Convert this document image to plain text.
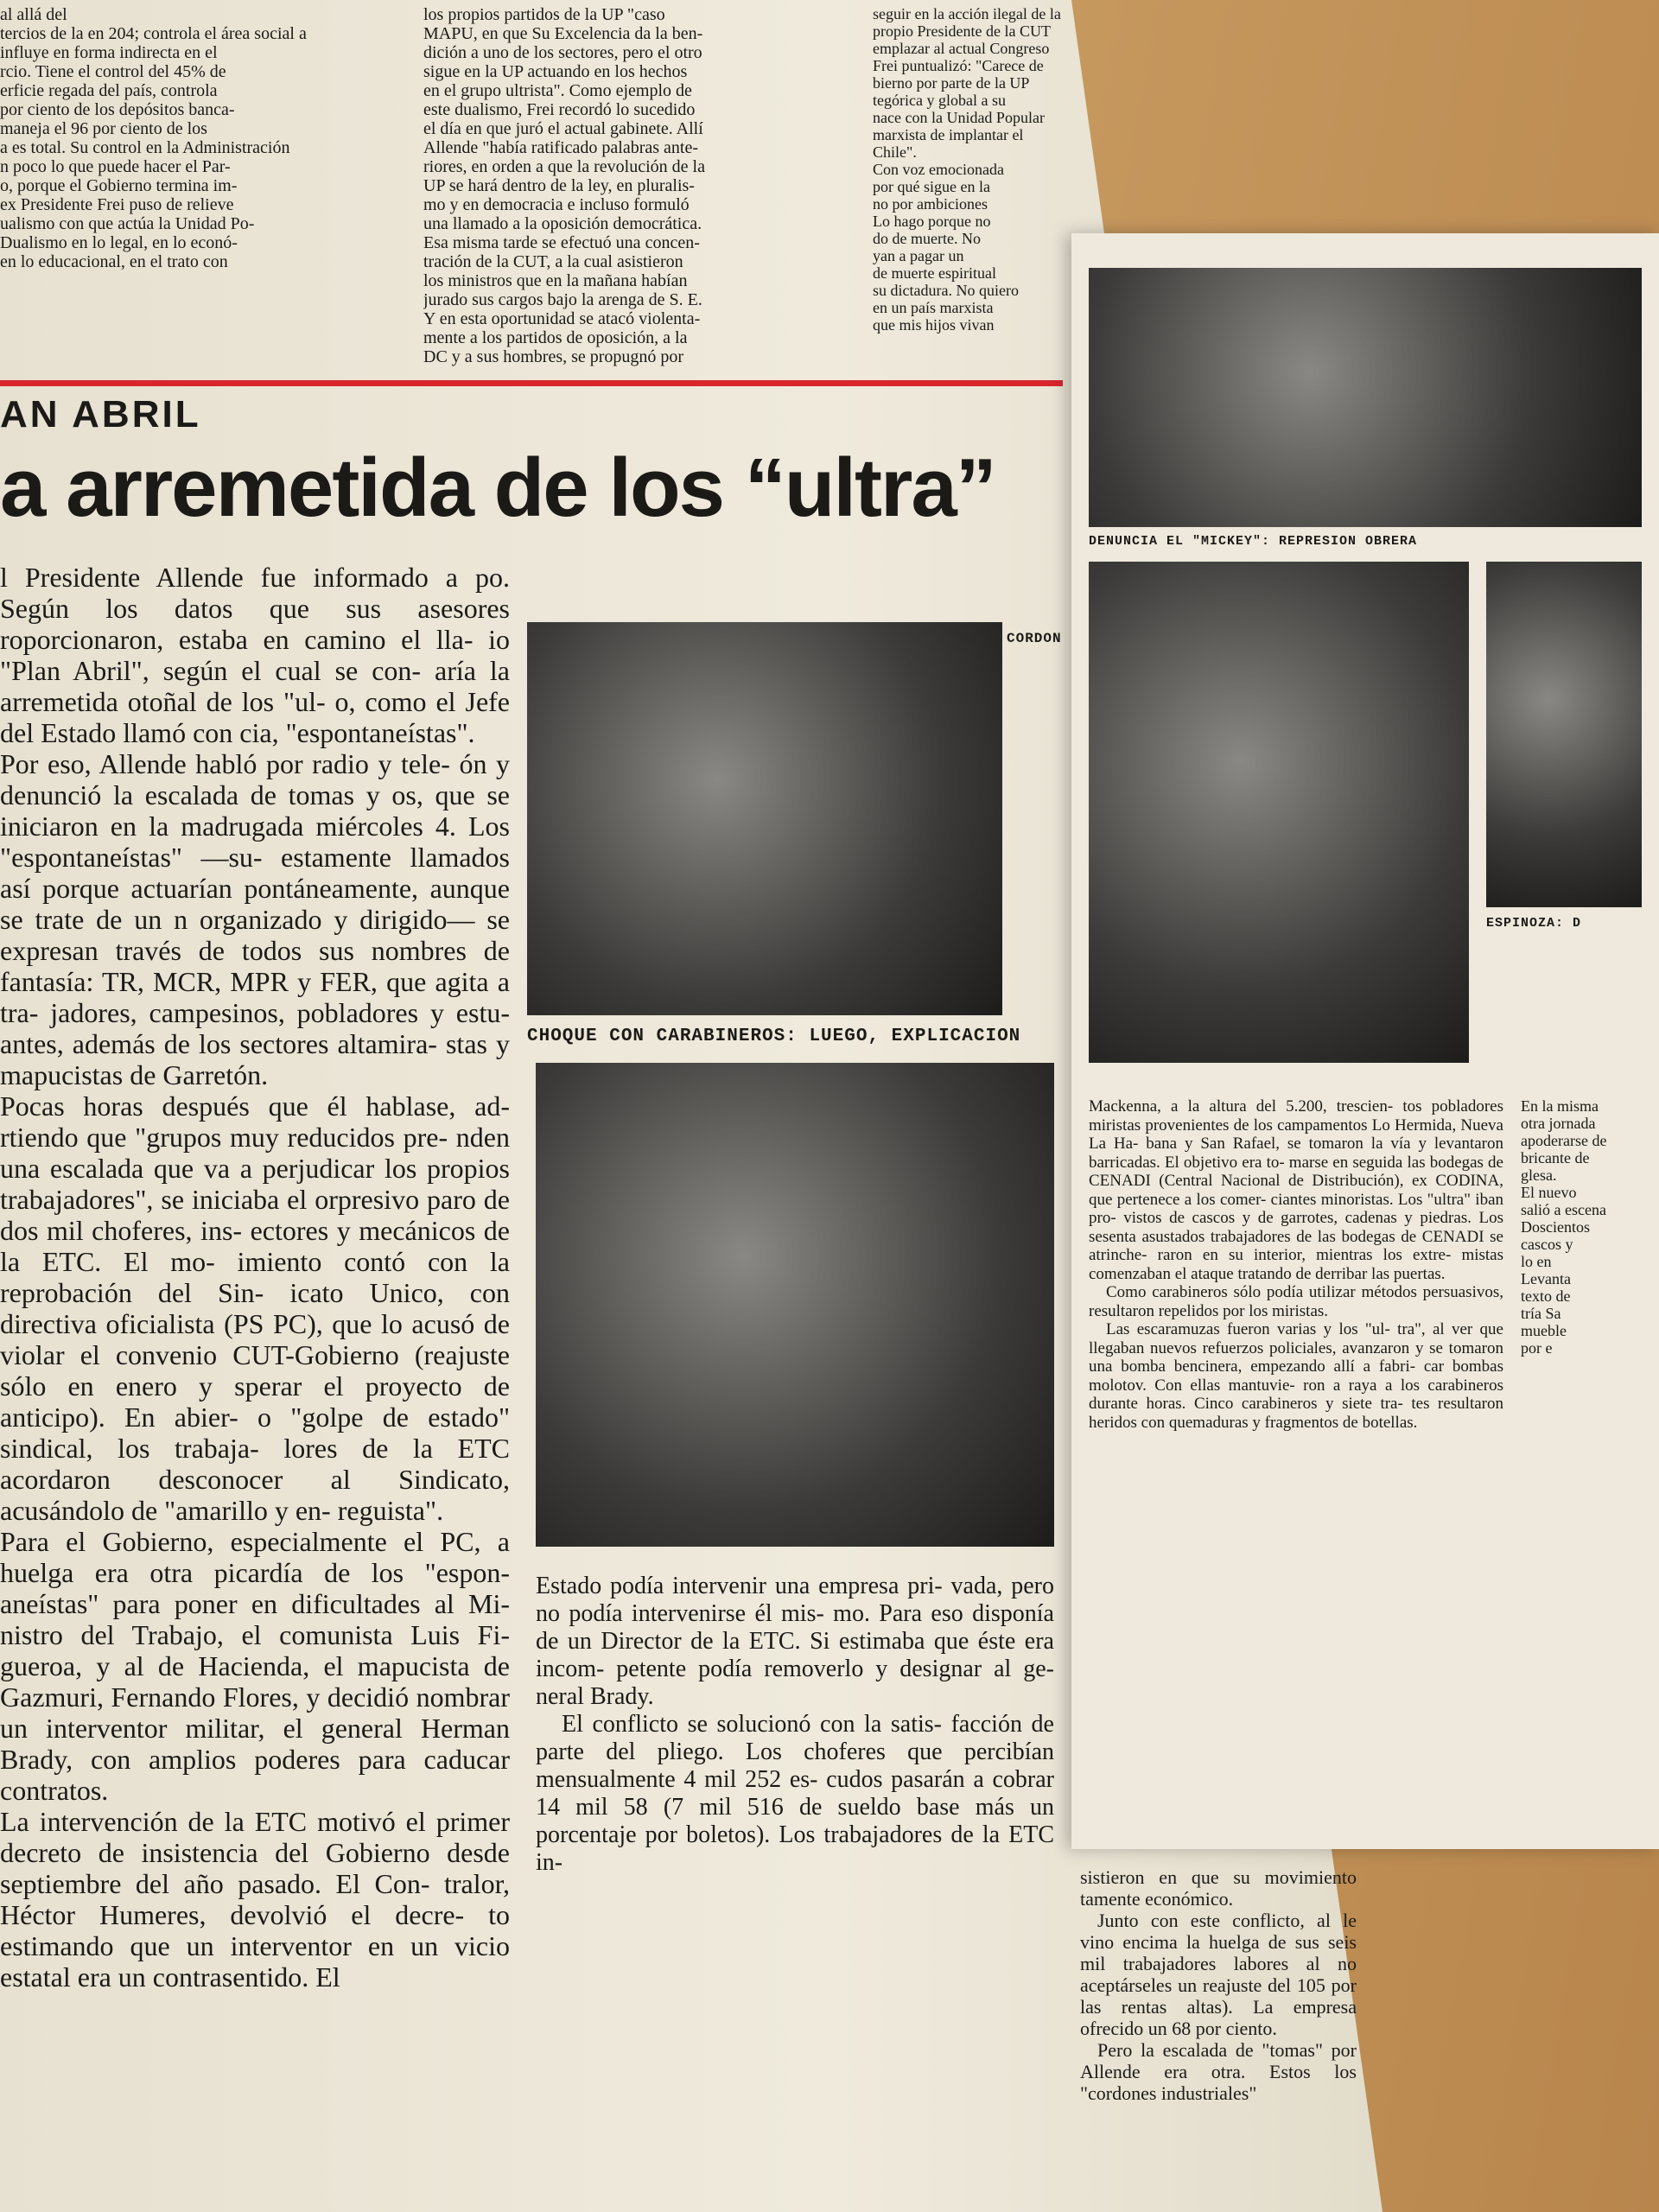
al allá del
tercios de la en 204; controla el área social a
influye en forma indirecta en el
rcio. Tiene el control del 45% de
erficie regada del país, controla
por ciento de los depósitos banca-
maneja el 96 por ciento de los
a es total. Su control en la Administración
n poco lo que puede hacer el Par-
o, porque el Gobierno termina im-
ex Presidente Frei puso de relieve
ualismo con que actúa la Unidad Po-
Dualismo en lo legal, en lo econó-
en lo educacional, en el trato con
los propios partidos de la UP "caso
MAPU, en que Su Excelencia da la ben-
dición a uno de los sectores, pero el otro
sigue en la UP actuando en los hechos
en el grupo ultrista". Como ejemplo de
este dualismo, Frei recordó lo sucedido
el día en que juró el actual gabinete. Allí
Allende "había ratificado palabras ante-
riores, en orden a que la revolución de la
UP se hará dentro de la ley, en pluralis-
mo y en democracia e incluso formuló
una llamado a la oposición democrática.
Esa misma tarde se efectuó una concen-
tración de la CUT, a la cual asistieron
los ministros que en la mañana habían
jurado sus cargos bajo la arenga de S. E.
Y en esta oportunidad se atacó violenta-
mente a los partidos de oposición, a la
DC y a sus hombres, se propugnó por
seguir en la acción ilegal de la
propio Presidente de la CUT
emplazar al actual Congreso
Frei puntualizó: "Carece de
bierno por parte de la UP
tegórica y global a su
nace con la Unidad Popular
marxista de implantar el
Chile".
Con voz emocionada
por qué sigue en la
no por ambiciones
Lo hago porque no
do de muerte. No
yan a pagar un
de muerte espiritual
su dictadura. No quiero
en un país marxista
que mis hijos vivan
AN ABRIL
a arremetida de los “ultra”

l Presidente Allende fue informado a po. Según los datos que sus asesores roporcionaron, estaba en camino el lla- io "Plan Abril", según el cual se con- aría la arremetida otoñal de los "ul- o, como el Jefe del Estado llamó con cia, "espontaneístas".

Por eso, Allende habló por radio y tele- ón y denunció la escalada de tomas y os, que se iniciaron en la madrugada miércoles 4. Los "espontaneístas" —su- estamente llamados así porque actuarían pontáneamente, aunque se trate de un n organizado y dirigido— se expresan través de todos sus nombres de fantasía: TR, MCR, MPR y FER, que agita a tra- jadores, campesinos, pobladores y estu- antes, además de los sectores altamira- stas y mapucistas de Garretón.

Pocas horas después que él hablase, ad- rtiendo que "grupos muy reducidos pre- nden una escalada que va a perjudicar los propios trabajadores", se iniciaba el orpresivo paro de dos mil choferes, ins- ectores y mecánicos de la ETC. El mo- imiento contó con la reprobación del Sin- icato Unico, con directiva oficialista (PS PC), que lo acusó de violar el convenio CUT-Gobierno (reajuste sólo en enero y sperar el proyecto de anticipo). En abier- o "golpe de estado" sindical, los trabaja- lores de la ETC acordaron desconocer al Sindicato, acusándolo de "amarillo y en- reguista".

Para el Gobierno, especialmente el PC, a huelga era otra picardía de los "espon- aneístas" para poner en dificultades al Mi- nistro del Trabajo, el comunista Luis Fi- gueroa, y al de Hacienda, el mapucista de Gazmuri, Fernando Flores, y decidió nombrar un interventor militar, el general Herman Brady, con amplios poderes para caducar contratos.

La intervención de la ETC motivó el primer decreto de insistencia del Gobierno desde septiembre del año pasado. El Con- tralor, Héctor Humeres, devolvió el decre- to estimando que un interventor en un vicio estatal era un contrasentido. El

CORDON
CHOQUE CON CARABINEROS: LUEGO, EXPLICACION

Estado podía intervenir una empresa pri- vada, pero no podía intervenirse él mis- mo. Para eso disponía de un Director de la ETC. Si estimaba que éste era incom- petente podía removerlo y designar al ge- neral Brady.

El conflicto se solucionó con la satis- facción de parte del pliego. Los choferes que percibían mensualmente 4 mil 252 es- cudos pasarán a cobrar 14 mil 58 (7 mil 516 de sueldo base más un porcentaje por boletos). Los trabajadores de la ETC in-

sistieron en que su movimiento tamente económico.

Junto con este conflicto, al le vino encima la huelga de sus seis mil trabajadores labores al no aceptárseles un reajuste del 105 por las rentas altas). La empresa ofrecido un 68 por ciento.

Pero la escalada de "tomas" por Allende era otra. Estos los "cordones industriales"

DENUNCIA EL "MICKEY": REPRESION OBRERA
ESPINOZA: D

Mackenna, a la altura del 5.200, trescien- tos pobladores miristas provenientes de los campamentos Lo Hermida, Nueva La Ha- bana y San Rafael, se tomaron la vía y levantaron barricadas. El objetivo era to- marse en seguida las bodegas de CENADI (Central Nacional de Distribución), ex CODINA, que pertenece a los comer- ciantes minoristas. Los "ultra" iban pro- vistos de cascos y de garrotes, cadenas y piedras. Los sesenta asustados trabajadores de las bodegas de CENADI se atrinche- raron en su interior, mientras los extre- mistas comenzaban el ataque tratando de derribar las puertas.

Como carabineros sólo podía utilizar métodos persuasivos, resultaron repelidos por los miristas.

Las escaramuzas fueron varias y los "ul- tra", al ver que llegaban nuevos refuerzos policiales, avanzaron y se tomaron una bomba bencinera, empezando allí a fabri- car bombas molotov. Con ellas mantuvie- ron a raya a los carabineros durante horas. Cinco carabineros y siete tra- tes resultaron heridos con quemaduras y fragmentos de botellas.

En la misma
otra jornada
apoderarse de
bricante de
glesa.
El nuevo
salió a escena
Doscientos
cascos y
lo en
Levanta
texto de
tría Sa
mueble
por e
